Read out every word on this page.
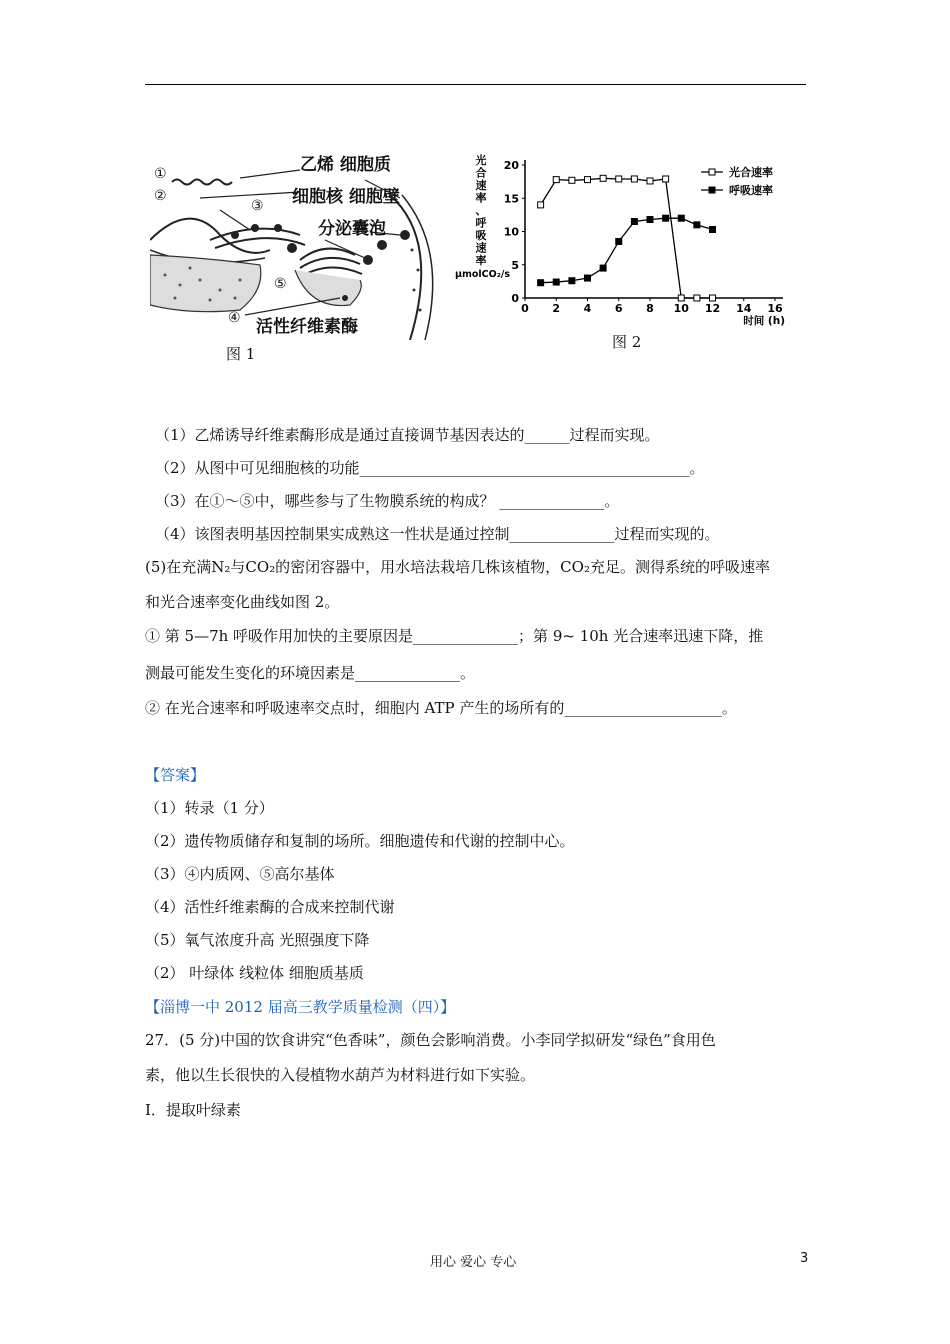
乙烯 细胞质
细胞核 细胞壁
分泌囊泡
活性纤维素酶
①
②
③
④
⑤
图 1
0 2 4 6 8 10 12 14 16
0
5
10
15
20
光
合
速
率
、
呼
吸
速
率
μmolCO₂/s
时间 (h)
光合速率
呼吸速率
图 2
（1）乙烯诱导纤维素酶形成是通过直接调节基因表达的______过程而实现。
（2）从图中可见细胞核的功能____________________________________________。
（3）在①～⑤中，哪些参与了生物膜系统的构成？ ______________。
（4）该图表明基因控制果实成熟这一性状是通过控制______________过程而实现的。
(5)在充满N₂与CO₂的密闭容器中，用水培法栽培几株该植物，CO₂充足。测得系统的呼吸速率
和光合速率变化曲线如图 2。
① 第 5—7h 呼吸作用加快的主要原因是______________；第 9~ 10h 光合速率迅速下降，推
测最可能发生变化的环境因素是______________。
② 在光合速率和呼吸速率交点时，细胞内 ATP 产生的场所有的_____________________。
【答案】
（1）转录（1 分）
（2）遗传物质储存和复制的场所。细胞遗传和代谢的控制中心。
（3）④内质网、⑤高尔基体
（4）活性纤维素酶的合成来控制代谢
（5）氧气浓度升高 光照强度下降
（2） 叶绿体 线粒体 细胞质基质
【淄博一中 2012 届高三教学质量检测（四）】
27．(5 分)中国的饮食讲究“色香味”，颜色会影响消费。小李同学拟研发“绿色”食用色
素，他以生长很快的入侵植物水葫芦为材料进行如下实验。
I．提取叶绿素
用心 爱心 专心	3
